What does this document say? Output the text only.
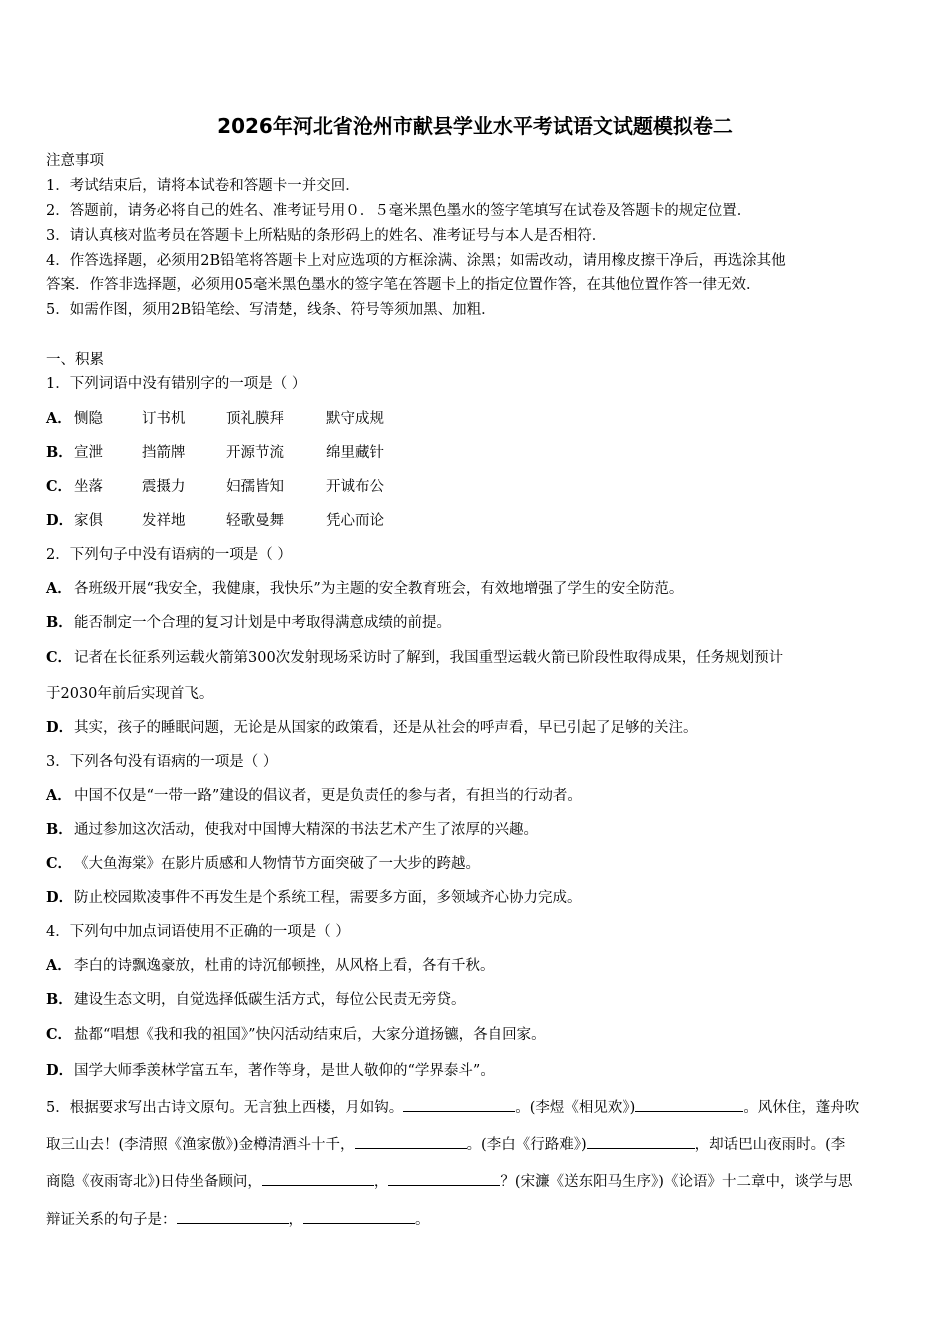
2026年河北省沧州市献县学业水平考试语文试题模拟卷二
注意事项
1．考试结束后，请将本试卷和答题卡一并交回．
2．答题前，请务必将自己的姓名、准考证号用０．５毫米黑色墨水的签字笔填写在试卷及答题卡的规定位置．
3．请认真核对监考员在答题卡上所粘贴的条形码上的姓名、准考证号与本人是否相符．
4．作答选择题，必须用2B铅笔将答题卡上对应选项的方框涂满、涂黑；如需改动，请用橡皮擦干净后，再选涂其他
答案．作答非选择题，必须用05毫米黑色墨水的签字笔在答题卡上的指定位置作答，在其他位置作答一律无效．
5．如需作图，须用2B铅笔绘、写清楚，线条、符号等须加黑、加粗．
一、积累
1．下列词语中没有错别字的一项是（ ）
A． 恻隐	订书机	顶礼膜拜	默守成规
B．宣泄	挡箭牌	开源节流	绵里藏针
C． 坐落	震摄力	妇孺皆知	开诚布公
D．家俱	发祥地	轻歌曼舞	凭心而论
2．下列句子中没有语病的一项是（ ）
A． 各班级开展“我安全，我健康，我快乐”为主题的安全教育班会，有效地增强了学生的安全防范。
B．能否制定一个合理的复习计划是中考取得满意成绩的前提。
C． 记者在长征系列运载火箭第300次发射现场采访时了解到，我国重型运载火箭已阶段性取得成果，任务规划预计
于2030年前后实现首飞。
D．其实，孩子的睡眠问题，无论是从国家的政策看，还是从社会的呼声看，早已引起了足够的关注。
3．下列各句没有语病的一项是（ ）
A． 中国不仅是“一带一路”建设的倡议者，更是负责任的参与者，有担当的行动者。
B．通过参加这次活动，使我对中国博大精深的书法艺术产生了浓厚的兴趣。
C． 《大鱼海棠》在影片质感和人物情节方面突破了一大步的跨越。
D．防止校园欺凌事件不再发生是个系统工程，需要多方面，多领域齐心协力完成。
4．下列句中加点词语使用不正确的一项是（ ）
A． 李白的诗飘逸豪放，杜甫的诗沉郁顿挫，从风格上看，各有千秋。
B．建设生态文明，自觉选择低碳生活方式，每位公民责无旁贷。
C． 盐都“唱想《我和我的祖国》”快闪活动结束后，大家分道扬镳，各自回家。
D．国学大师季羡林学富五车，著作等身，是世人敬仰的“学界泰斗”。
5．根据要求写出古诗文原句。无言独上西楼，月如钩。	。(李煜《相见欢》)	。风休住，蓬舟吹
取三山去！(李清照《渔家傲》)金樽清酒斗十千，	。(李白《行路难》)	，却话巴山夜雨时。(李
商隐《夜雨寄北》)日侍坐备顾问，	，	？(宋濂《送东阳马生序》)《论语》十二章中，谈学与思
辩证关系的句子是：	，	。
